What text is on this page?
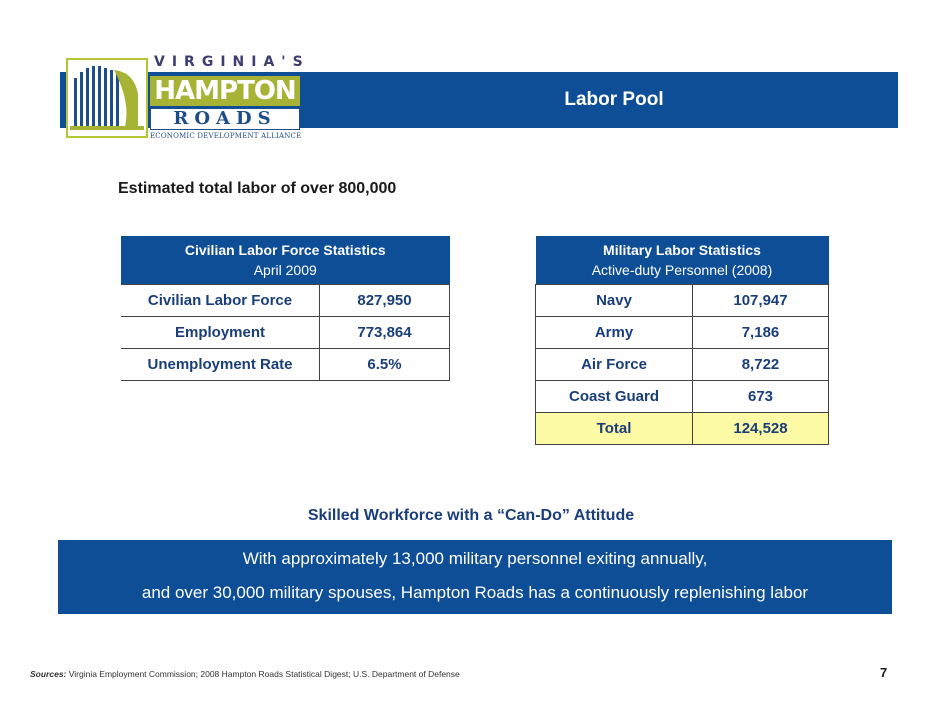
Labor Pool
VIRGINIA'S
HAMPTON
ROADS
ECONOMIC DEVELOPMENT ALLIANCE
Estimated total labor of over 800,000
Civilian Labor Force Statistics
April 2009	
Civilian Labor Force	827,950
Employment	773,864
Unemployment Rate	6.5%
Military Labor Statistics
Active-duty Personnel (2008)	
Navy	107,947
Army	7,186
Air Force	8,722
Coast Guard	673
Total	124,528
Skilled Workforce with a “Can-Do” Attitude
With approximately 13,000 military personnel exiting annually,
and over 30,000 military spouses, Hampton Roads has a continuously replenishing labor
Sources: Virginia Employment Commission; 2008 Hampton Roads Statistical Digest; U.S. Department of Defense	7
